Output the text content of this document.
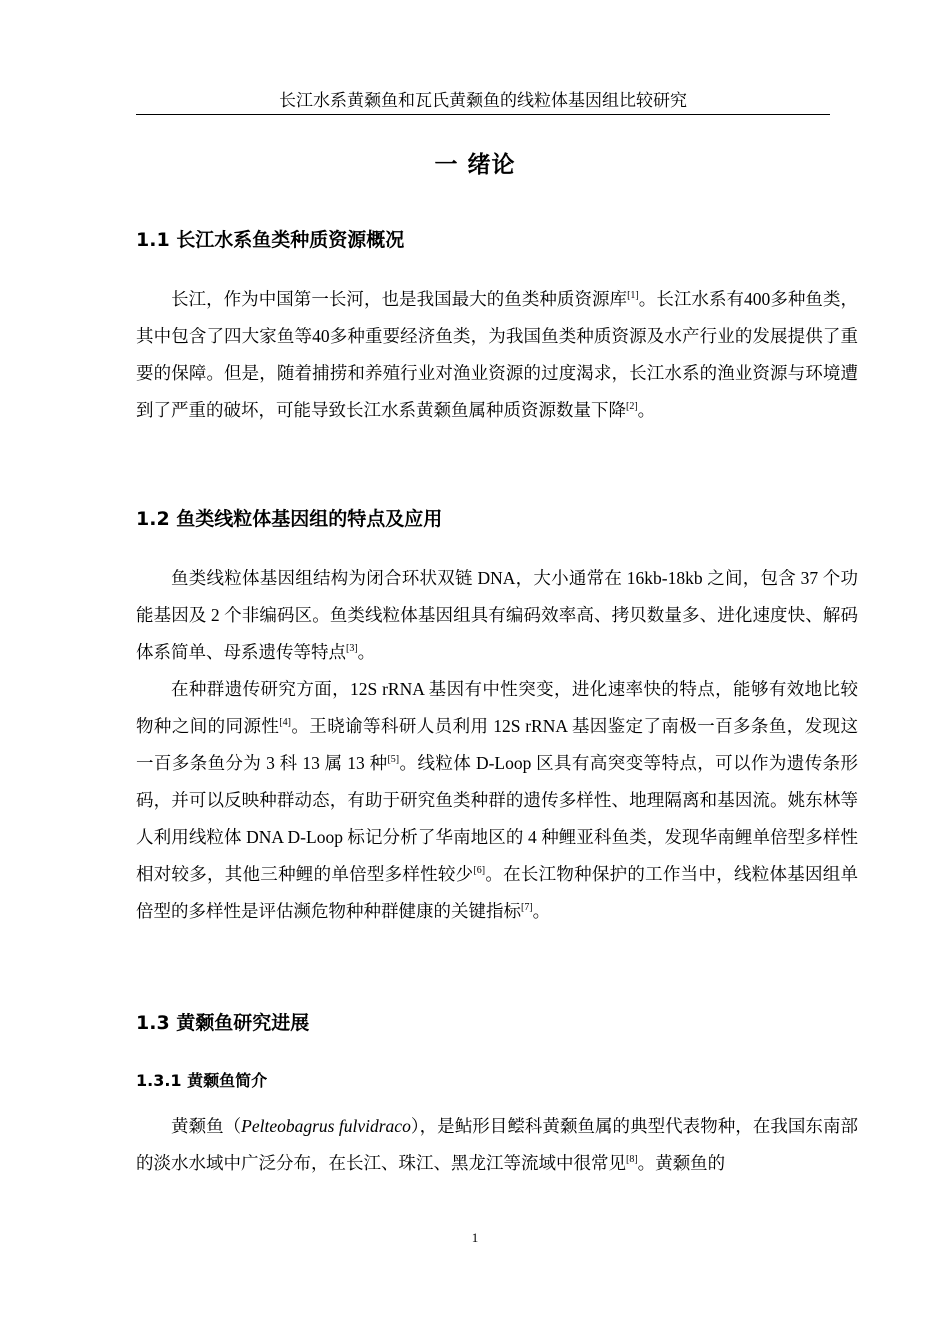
长江水系黄颡鱼和瓦氏黄颡鱼的线粒体基因组比较研究
一 绪论
1.1 长江水系鱼类种质资源概况

长江，作为中国第一长河，也是我国最大的鱼类种质资源库[1]。长江水系有400多种鱼类，其中包含了四大家鱼等40多种重要经济鱼类，为我国鱼类种质资源及水产行业的发展提供了重要的保障。但是，随着捕捞和养殖行业对渔业资源的过度渴求，长江水系的渔业资源与环境遭到了严重的破坏，可能导致长江水系黄颡鱼属种质资源数量下降[2]。

1.2 鱼类线粒体基因组的特点及应用

鱼类线粒体基因组结构为闭合环状双链 DNA，大小通常在 16kb-18kb 之间，包含 37 个功能基因及 2 个非编码区。鱼类线粒体基因组具有编码效率高、拷贝数量多、进化速度快、解码体系简单、母系遗传等特点[3]。

在种群遗传研究方面，12S rRNA 基因有中性突变，进化速率快的特点，能够有效地比较物种之间的同源性[4]。王晓谕等科研人员利用 12S rRNA 基因鉴定了南极一百多条鱼，发现这一百多条鱼分为 3 科 13 属 13 种[5]。线粒体 D-Loop 区具有高突变等特点，可以作为遗传条形码，并可以反映种群动态，有助于研究鱼类种群的遗传多样性、地理隔离和基因流。姚东林等人利用线粒体 DNA D-Loop 标记分析了华南地区的 4 种鲤亚科鱼类，发现华南鲤单倍型多样性相对较多，其他三种鲤的单倍型多样性较少[6]。在长江物种保护的工作当中，线粒体基因组单倍型的多样性是评估濒危物种种群健康的关键指标[7]。

1.3 黄颡鱼研究进展
1.3.1 黄颡鱼简介

黄颡鱼（Pelteobagrus fulvidraco），是鲇形目鲿科黄颡鱼属的典型代表物种，在我国东南部的淡水水域中广泛分布，在长江、珠江、黑龙江等流域中很常见[8]。黄颡鱼的

1
